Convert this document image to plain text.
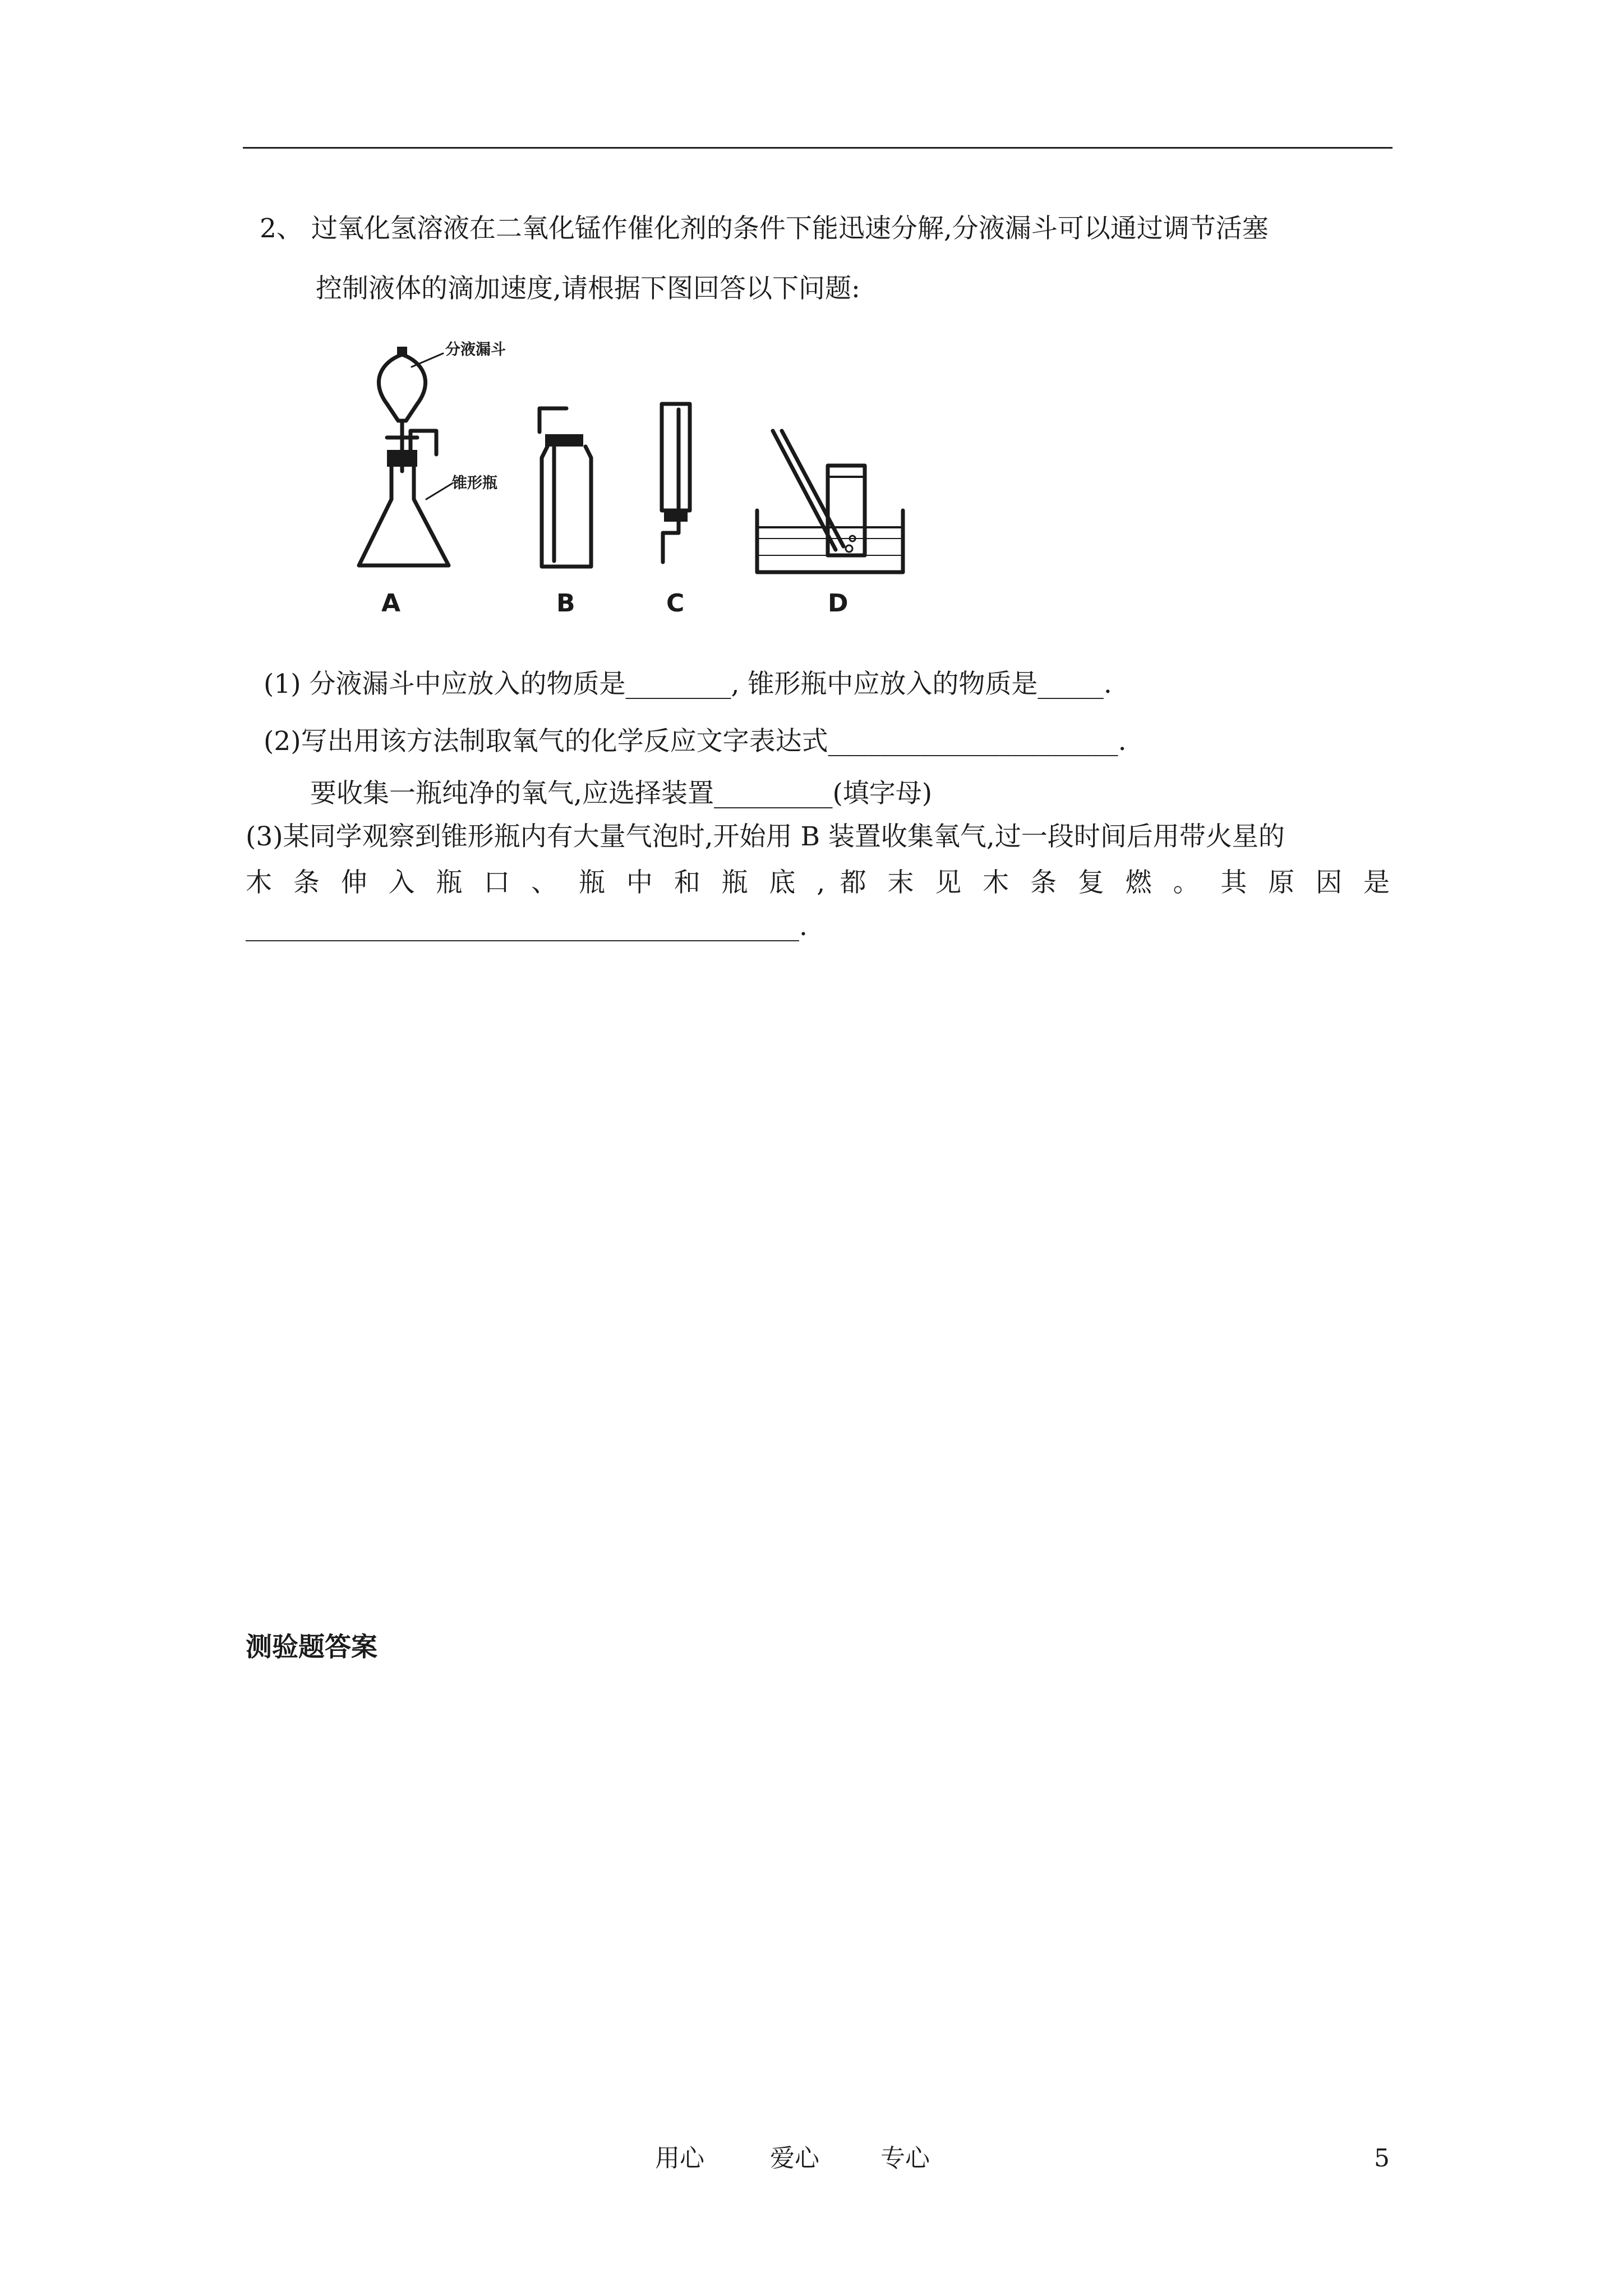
2、 过氧化氢溶液在二氧化锰作催化剂的条件下能迅速分解,分液漏斗可以通过调节活塞
控制液体的滴加速度,请根据下图回答以下问题:
分液漏斗
锥形瓶
A	B	C	D
(1) 分液漏斗中应放入的物质是________, 锥形瓶中应放入的物质是_____.
(2)写出用该方法制取氧气的化学反应文字表达式______________________.
要收集一瓶纯净的氧气,应选择装置_________(填字母)
(3)某同学观察到锥形瓶内有大量气泡时,开始用 B 装置收集氧气,过一段时间后用带火星的
木 条 伸 入 瓶 口 、 瓶 中 和 瓶 底 , 都 末 见 木 条 复 燃 。 其 原 因 是
__________________________________________.
测验题答案
用心	爱心 专心	5
